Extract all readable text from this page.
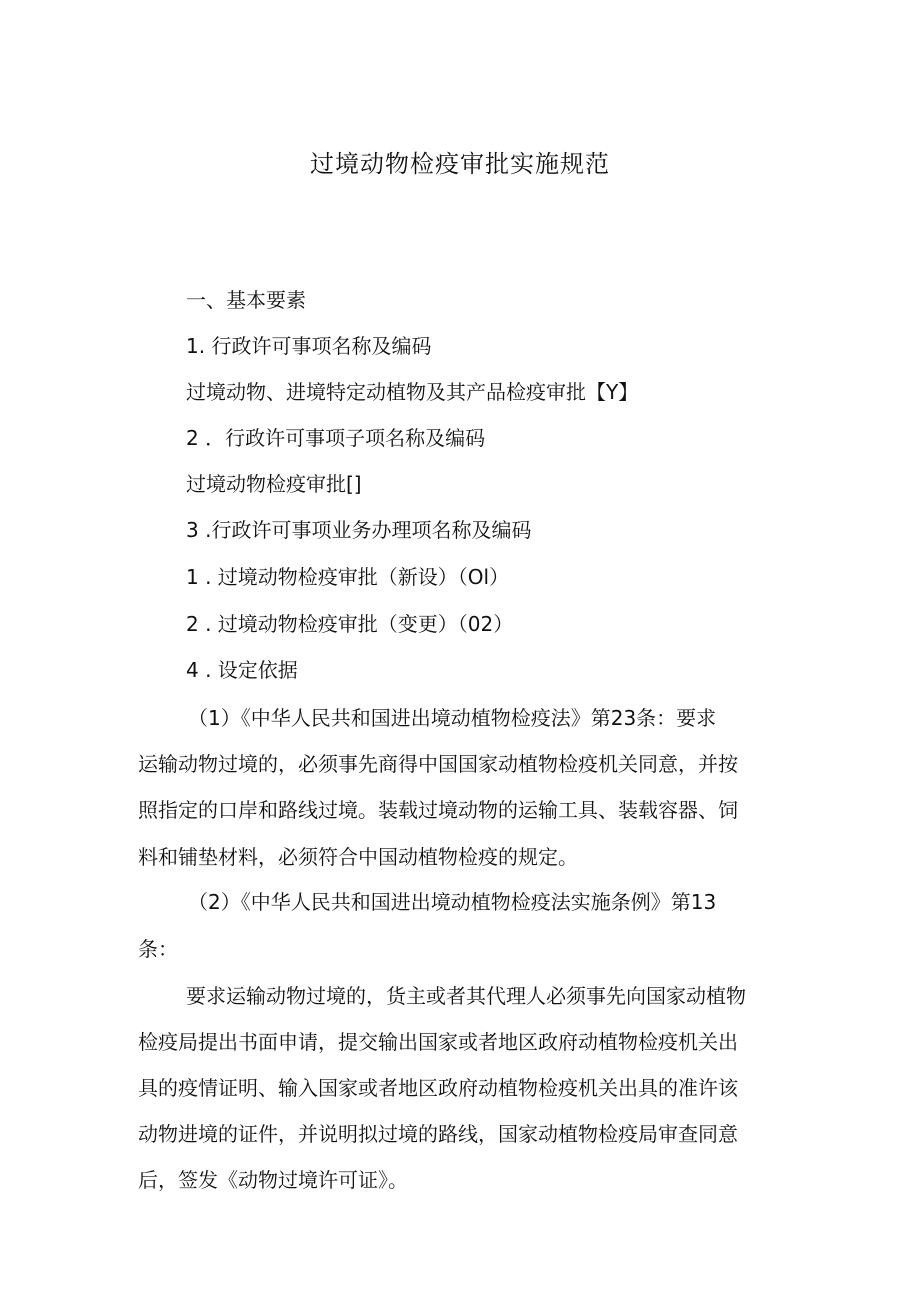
过境动物检疫审批实施规范
一、基本要素
1. 行政许可事项名称及编码
过境动物、进境特定动植物及其产品检疫审批【Y】
2 ．行政许可事项子项名称及编码
过境动物检疫审批[]
3 .行政许可事项业务办理项名称及编码
1 . 过境动物检疫审批（新设）（Ol）
2 . 过境动物检疫审批（变更）（02）
4 . 设定依据
（1）《中华人民共和国进出境动植物检疫法》第23条：要求
运输动物过境的，必须事先商得中国国家动植物检疫机关同意，并按
照指定的口岸和路线过境。装载过境动物的运输工具、装载容器、饲
料和铺垫材料，必须符合中国动植物检疫的规定。
（2）《中华人民共和国进出境动植物检疫法实施条例》第13
条：
要求运输动物过境的，货主或者其代理人必须事先向国家动植物
检疫局提出书面申请，提交输出国家或者地区政府动植物检疫机关出
具的疫情证明、输入国家或者地区政府动植物检疫机关出具的准许该
动物进境的证件，并说明拟过境的路线，国家动植物检疫局审查同意
后，签发《动物过境许可证》。
